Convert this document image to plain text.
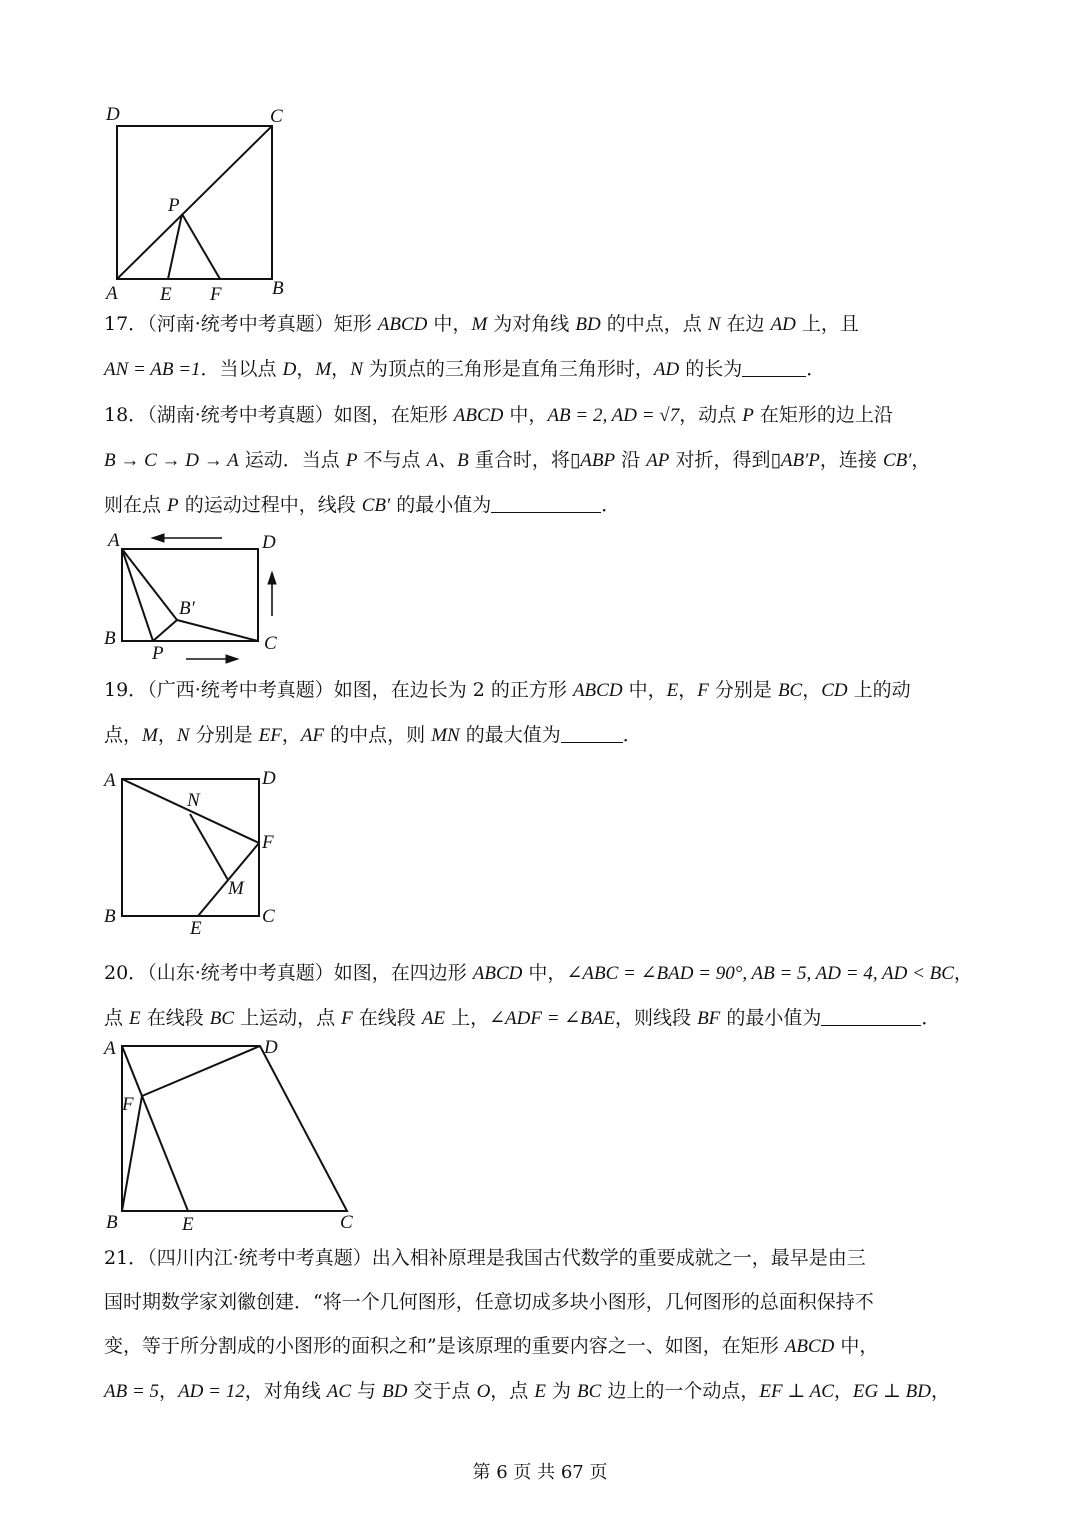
D	C
P
A E F	B

17．（河南·统考中考真题）矩形 ABCD 中，M 为对角线 BD 的中点，点 N 在边 AD 上，且

AN = AB =1．当以点 D，M，N 为顶点的三角形是直角三角形时，AD 的长为	．

18．（湖南·统考中考真题）如图，在矩形 ABCD 中，AB = 2, AD = √7，动点 P 在矩形的边上沿

B → C → D → A 运动．当点 P 不与点 A、B 重合时，将▯ABP 沿 AP 对折，得到▯AB′P，连接 CB′，

则在点 P 的运动过程中，线段 CB′ 的最小值为	．

A	D
B′
B	C
P

19．（广西·统考中考真题）如图，在边长为 2 的正方形 ABCD 中，E，F 分别是 BC，CD 上的动

点，M，N 分别是 EF，AF 的中点，则 MN 的最大值为	．

A	D
N
F
M
B	C
E

20．（山东·统考中考真题）如图，在四边形 ABCD 中，∠ABC = ∠BAD = 90°, AB = 5, AD = 4, AD < BC，

点 E 在线段 BC 上运动，点 F 在线段 AE 上，∠ADF = ∠BAE，则线段 BF 的最小值为	．

A	D
F
B	E	C

21．（四川内江·统考中考真题）出入相补原理是我国古代数学的重要成就之一，最早是由三

国时期数学家刘徽创建．“将一个几何图形，任意切成多块小图形，几何图形的总面积保持不

变，等于所分割成的小图形的面积之和”是该原理的重要内容之一、如图，在矩形 ABCD 中，

AB = 5，AD = 12，对角线 AC 与 BD 交于点 O，点 E 为 BC 边上的一个动点，EF ⊥ AC，EG ⊥ BD，

第 6 页 共 67 页
